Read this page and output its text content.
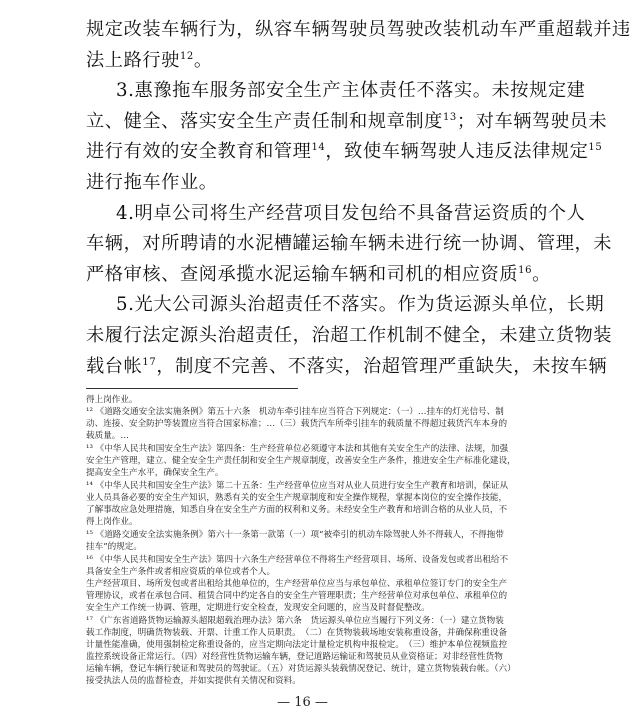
规定改装车辆行为，纵容车辆驾驶员驾驶改装机动车严重超载并违
法上路行驶$^{12}$。
3.惠豫拖车服务部安全生产主体责任不落实。未按规定建
立、健全、落实安全生产责任制和规章制度$^{13}$；对车辆驾驶员未
进行有效的安全教育和管理$^{14}$，致使车辆驾驶人违反法律规定$^{15}$
进行拖车作业。
4.明卓公司将生产经营项目发包给不具备营运资质的个人
车辆，对所聘请的水泥槽罐运输车辆未进行统一协调、管理，未
严格审核、查阅承揽水泥运输车辆和司机的相应资质$^{16}$。
5.光大公司源头治超责任不落实。作为货运源头单位，长期
未履行法定源头治超责任，治超工作机制不健全，未建立货物装
载台帐$^{17}$，制度不完善、不落实，治超管理严重缺失，未按车辆
得上岗作业。
¹² 《道路交通安全法实施条例》第五十六条　机动车牵引挂车应当符合下列规定：（一）…挂车的灯光信号、制
动、连接、安全防护等装置应当符合国家标准；…（三）载货汽车所牵引挂车的载质量不得超过载货汽车本身的
载质量。…
¹³ 《中华人民共和国安全生产法》第四条：生产经营单位必须遵守本法和其他有关安全生产的法律、法规，加强
安全生产管理，建立、健全安全生产责任制和安全生产规章制度，改善安全生产条件，推进安全生产标准化建设，
提高安全生产水平，确保安全生产。
¹⁴ 《中华人民共和国安全生产法》第二十五条：生产经营单位应当对从业人员进行安全生产教育和培训，保证从
业人员具备必要的安全生产知识，熟悉有关的安全生产规章制度和安全操作规程，掌握本岗位的安全操作技能，
了解事故应急处理措施，知悉自身在安全生产方面的权利和义务。未经安全生产教育和培训合格的从业人员，不
得上岗作业。
¹⁵ 《道路交通安全法实施条例》第六十一条第一款第（一）项“被牵引的机动车除驾驶人外不得载人，不得拖带
挂车”的规定。
¹⁶ 《中华人民共和国安全生产法》第四十六条生产经营单位不得将生产经营项目、场所、设备发包或者出租给不
具备安全生产条件或者相应资质的单位或者个人。
生产经营项目、场所发包或者出租给其他单位的，生产经营单位应当与承包单位、承租单位签订专门的安全生产
管理协议，或者在承包合同、租赁合同中约定各自的安全生产管理职责；生产经营单位对承包单位、承租单位的
安全生产工作统一协调、管理，定期进行安全检查，发现安全问题的，应当及时督促整改。
¹⁷ 《广东省道路货物运输源头超限超载治理办法》第六条　货运源头单位应当履行下列义务：（一）建立货物装
载工作制度，明确货物装载、开票、计重工作人员职责。　（二）在货物装载场地安装称重设备，并确保称重设备
计量性能准确，使用强制检定称重设备的，应当定期向法定计量检定机构申报检定。　（三）维护本单位视频监控
监控系统设备正常运行。（四）对经营性货物运输车辆，登记道路运输证和驾驶员从业资格证；对非经营性货物
运输车辆，登记车辆行驶证和驾驶员的驾驶证。（五）对货运源头装载情况登记、统计，建立货物装载台帐。（六）
接受执法人员的监督检查，并如实提供有关情况和资料。
— 16 —
